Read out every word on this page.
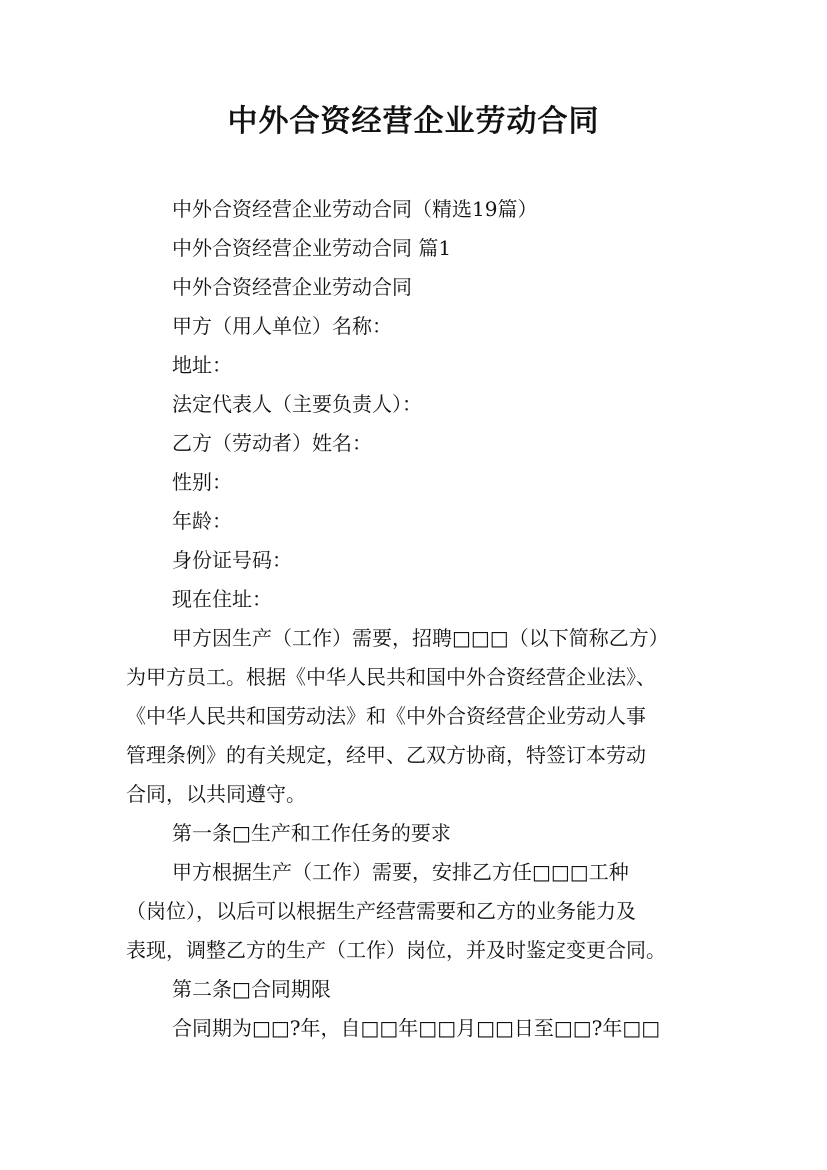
中外合资经营企业劳动合同

中外合资经营企业劳动合同（精选19篇）

中外合资经营企业劳动合同 篇1

中外合资经营企业劳动合同

甲方（用人单位）名称：

地址：

法定代表人（主要负责人）：

乙方（劳动者）姓名：

性别：

年龄：

身份证号码：

现在住址：

甲方因生产（工作）需要，招聘□□□（以下简称乙方）
为甲方员工。根据《中华人民共和国中外合资经营企业法》、
《中华人民共和国劳动法》和《中外合资经营企业劳动人事
管理条例》的有关规定，经甲、乙双方协商，特签订本劳动
合同，以共同遵守。

第一条□生产和工作任务的要求

甲方根据生产（工作）需要，安排乙方任□□□工种
（岗位），以后可以根据生产经营需要和乙方的业务能力及
表现，调整乙方的生产（工作）岗位，并及时鉴定变更合同。

第二条□合同期限

合同期为□□?年，自□□年□□月□□日至□□?年□□
